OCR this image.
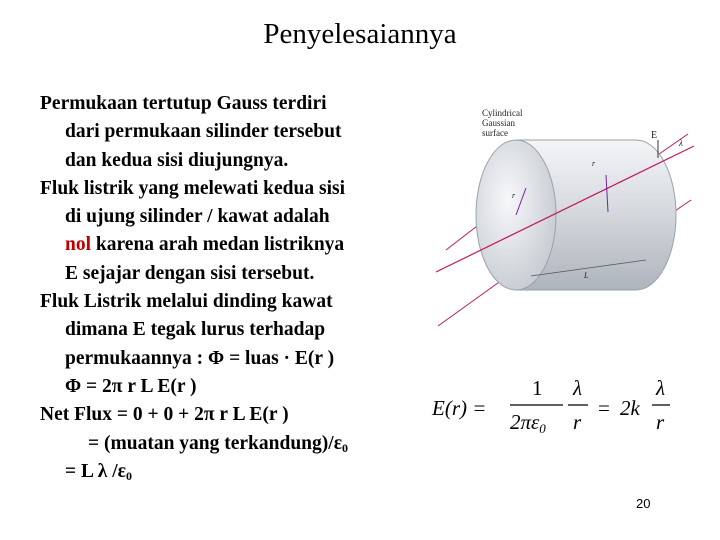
Penyelesaiannya
Permukaan tertutup Gauss terdiri
dari permukaan silinder tersebut
dan kedua sisi diujungnya.
Fluk listrik yang melewati kedua sisi
di ujung silinder / kawat adalah
nol karena arah medan listriknya
E sejajar dengan sisi tersebut.
Fluk Listrik melalui dinding kawat
dimana E tegak lurus terhadap
permukaannya : Φ = luas · E(r )
Φ = 2π r L E(r )
Net Flux = 0 + 0 + 2π r L E(r )
= (muatan yang $terkandung)/\varepsilon_0$
= L λ $/\varepsilon_0$
Cylindrical
Gaussian
surface	E
λ
r
r
L
E(r) =
1
2πε0
λ
r
= 2k
λ
r
20
